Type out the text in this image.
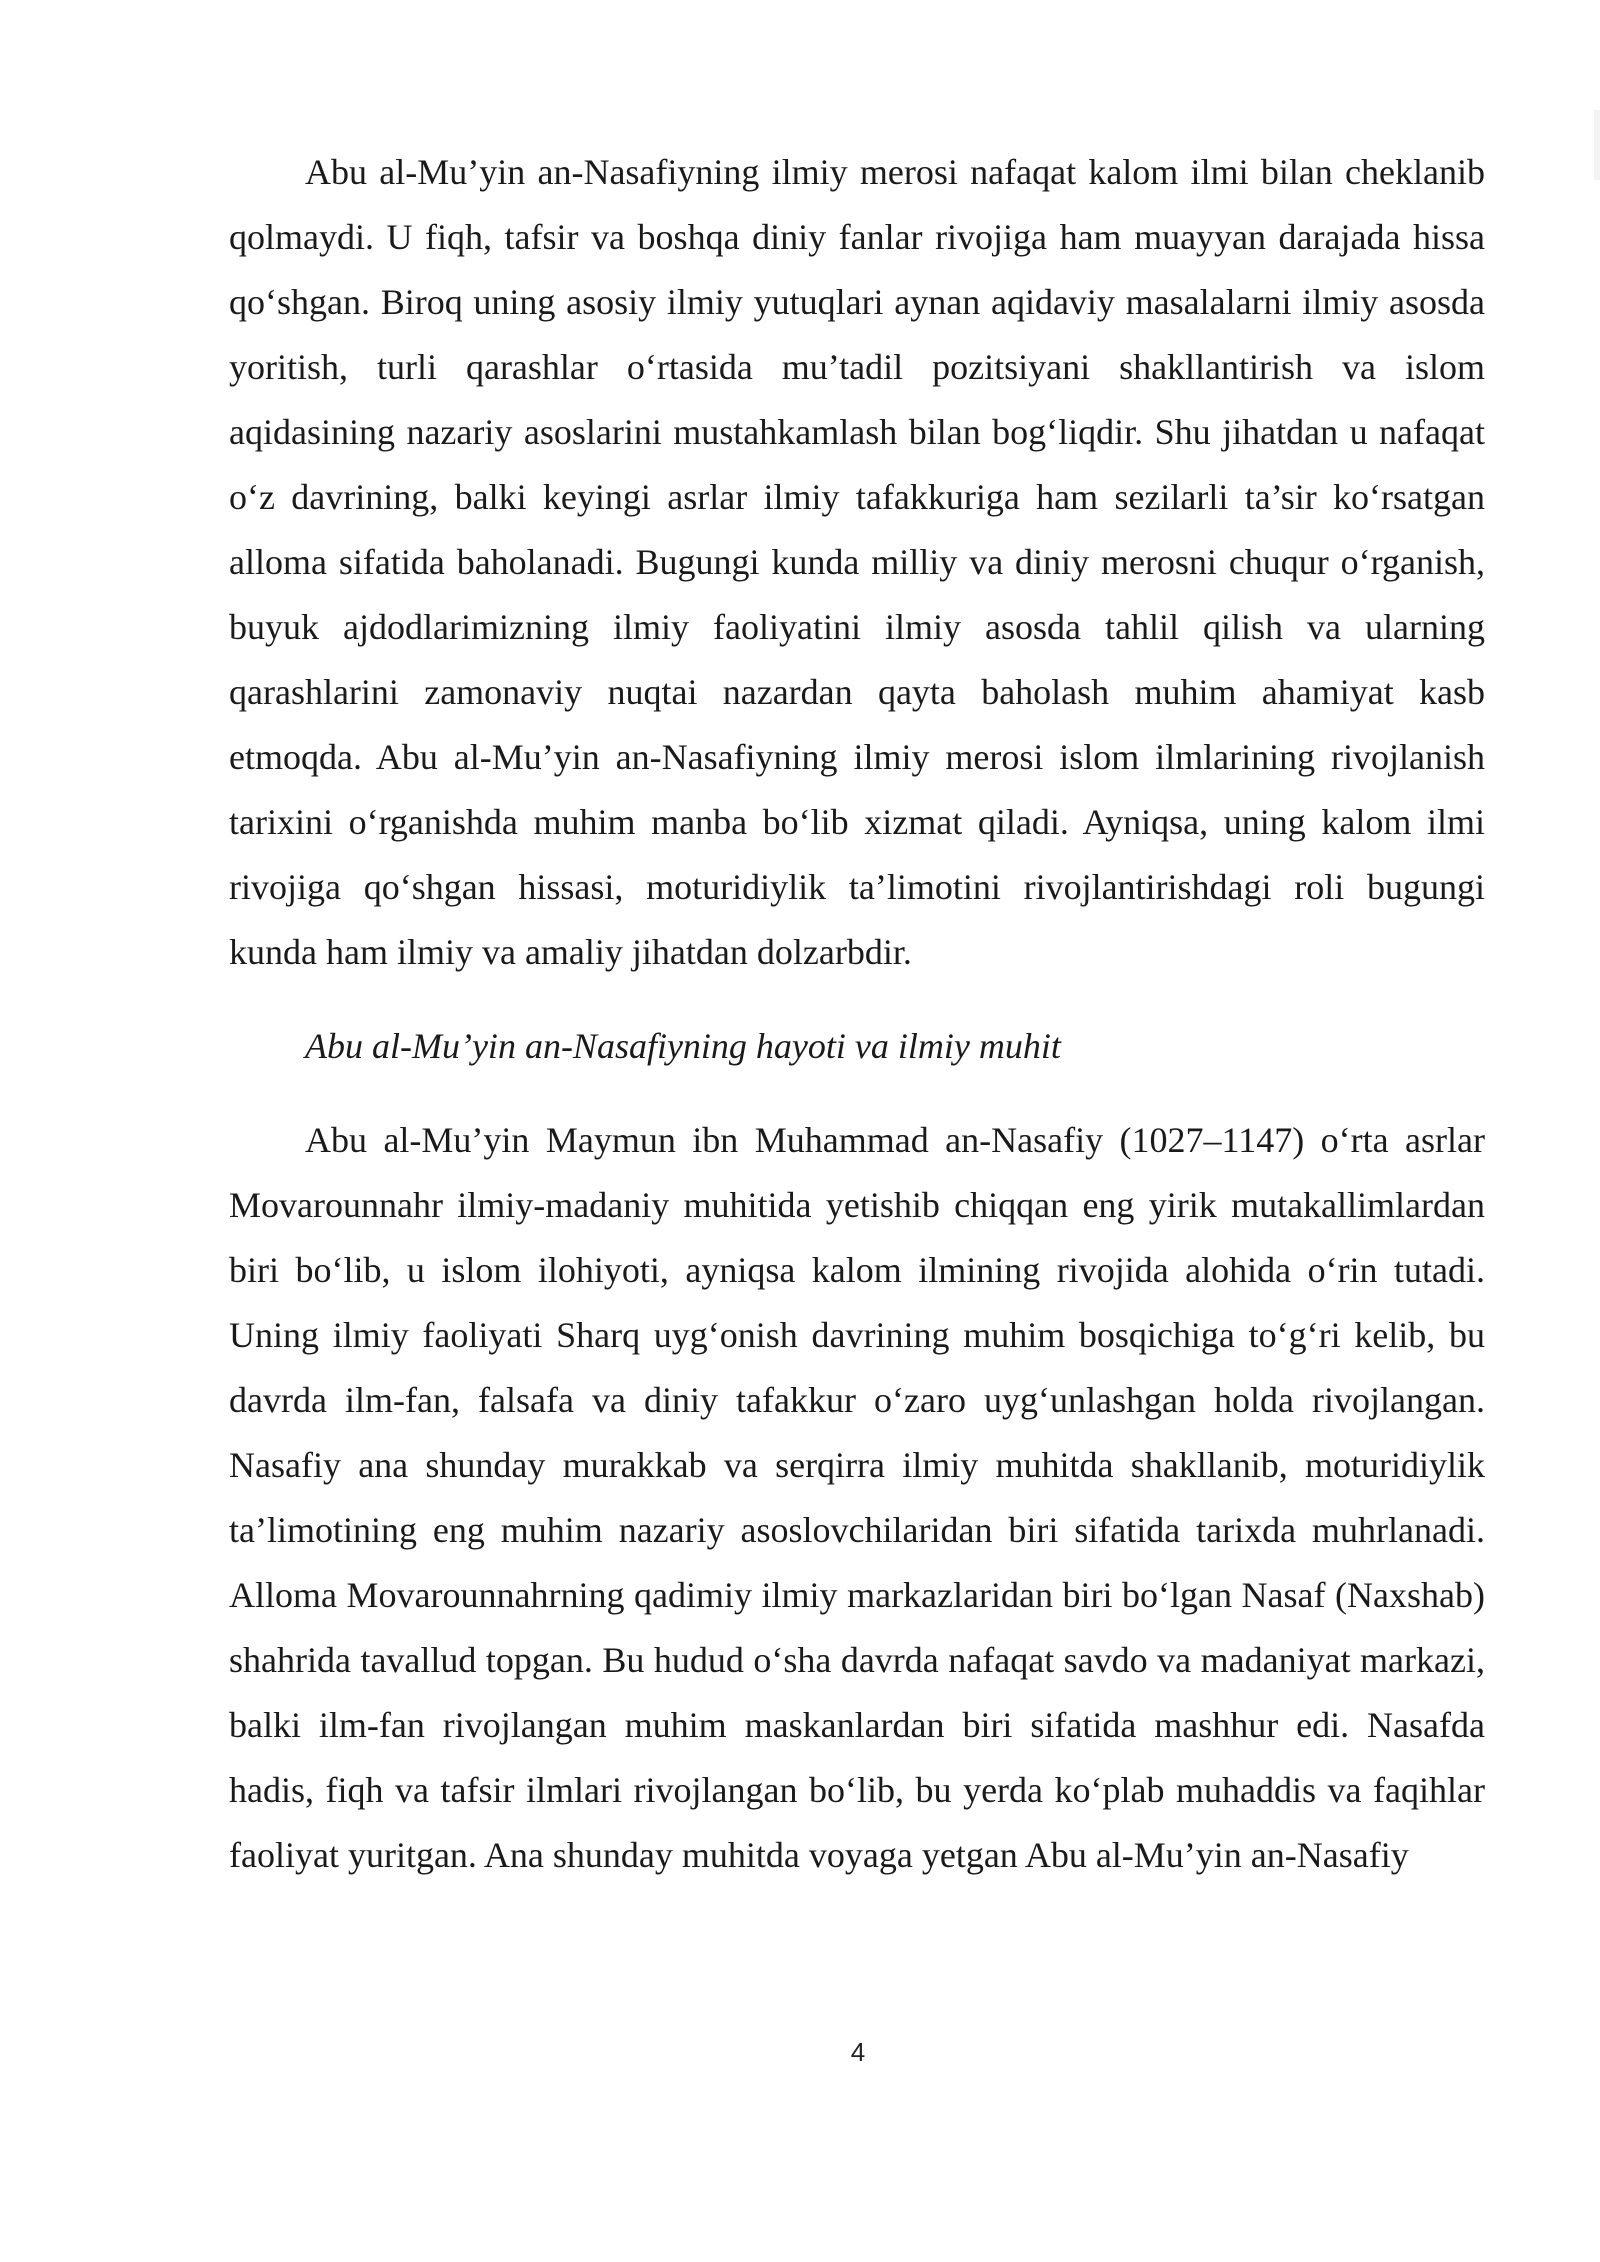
Abu al-Mu’yin an-Nasafiyning ilmiy merosi nafaqat kalom ilmi bilan cheklanib qolmaydi. U fiqh, tafsir va boshqa diniy fanlar rivojiga ham muayyan darajada hissa qo‘shgan. Biroq uning asosiy ilmiy yutuqlari aynan aqidaviy masalalarni ilmiy asosda yoritish, turli qarashlar o‘rtasida mu’tadil pozitsiyani shakllantirish va islom aqidasining nazariy asoslarini mustahkamlash bilan bog‘liqdir. Shu jihatdan u nafaqat o‘z davrining, balki keyingi asrlar ilmiy tafakkuriga ham sezilarli ta’sir ko‘rsatgan alloma sifatida baholanadi. Bugungi kunda milliy va diniy merosni chuqur o‘rganish, buyuk ajdodlarimizning ilmiy faoliyatini ilmiy asosda tahlil qilish va ularning qarashlarini zamonaviy nuqtai nazardan qayta baholash muhim ahamiyat kasb etmoqda. Abu al-Mu’yin an-Nasafiyning ilmiy merosi islom ilmlarining rivojlanish tarixini o‘rganishda muhim manba bo‘lib xizmat qiladi. Ayniqsa, uning kalom ilmi rivojiga qo‘shgan hissasi, moturidiylik ta’limotini rivojlantirishdagi roli bugungi kunda ham ilmiy va amaliy jihatdan dolzarbdir.

Abu al-Mu’yin an-Nasafiyning hayoti va ilmiy muhit

Abu al-Mu’yin Maymun ibn Muhammad an-Nasafiy (1027–1147) o‘rta asrlar Movarounnahr ilmiy-madaniy muhitida yetishib chiqqan eng yirik mutakallimlardan biri bo‘lib, u islom ilohiyoti, ayniqsa kalom ilmining rivojida alohida o‘rin tutadi. Uning ilmiy faoliyati Sharq uyg‘onish davrining muhim bosqichiga to‘g‘ri kelib, bu davrda ilm-fan, falsafa va diniy tafakkur o‘zaro uyg‘unlashgan holda rivojlangan. Nasafiy ana shunday murakkab va serqirra ilmiy muhitda shakllanib, moturidiylik ta’limotining eng muhim nazariy asoslovchilaridan biri sifatida tarixda muhrlanadi. Alloma Movarounnahrning qadimiy ilmiy markazlaridan biri bo‘lgan Nasaf (Naxshab) shahrida tavallud topgan. Bu hudud o‘sha davrda nafaqat savdo va madaniyat markazi, balki ilm-fan rivojlangan muhim maskanlardan biri sifatida mashhur edi. Nasafda hadis, fiqh va tafsir ilmlari rivojlangan bo‘lib, bu yerda ko‘plab muhaddis va faqihlar faoliyat yuritgan. Ana shunday muhitda voyaga yetgan Abu al-Mu’yin an-Nasafiy

4
